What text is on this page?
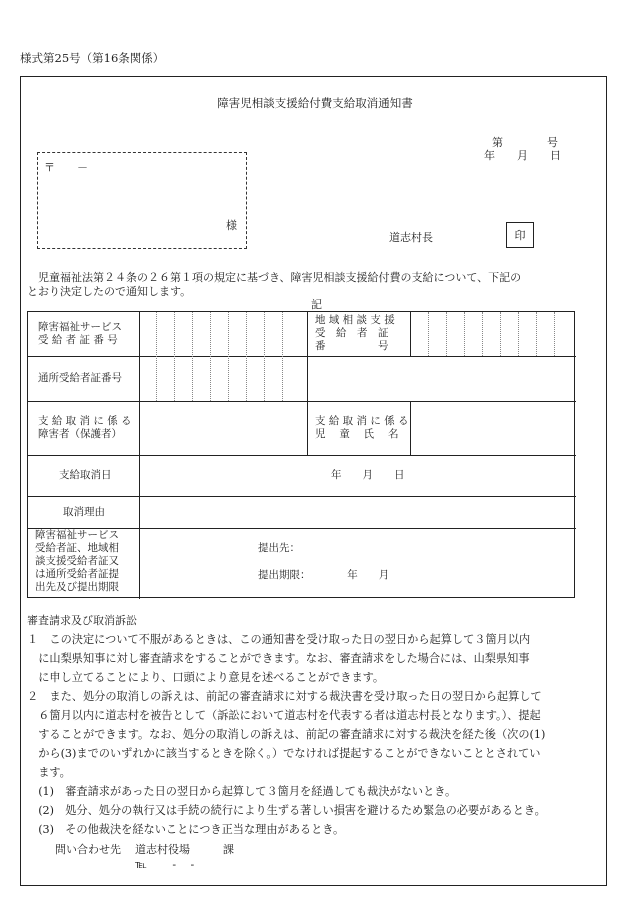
様式第25号（第16条関係）
障害児相談支援給付費支給取消通知書
第　　　　号
年　　月　　日
〒　　－
様
道志村長	印
　児童福祉法第２４条の２６第１項の規定に基づき、障害児相談支援給付費の支給について、下記の
とおり決定したので通知します。
記
障害福祉サービス
受 給 者 証 番 号
地 域 相 談 支 援
受　給　者　証
番　　　　　号
通所受給者証番号
支 給 取 消 に 係 る
障害者（保護者）
支 給 取 消 に 係 る
児　 童　 氏　 名
支給取消日	年　　月　　日
取消理由
障害福祉サービス
受給者証、地域相
談支援受給者証又
は通所受給者証提
出先及び提出期限
提出先：
提出期限：　　　　年　　月
審査請求及び取消訴訟
１　この決定について不服があるときは、この通知書を受け取った日の翌日から起算して３箇月以内
　に山梨県知事に対し審査請求をすることができます。なお、審査請求をした場合には、山梨県知事
　に申し立てることにより、口頭により意見を述べることができます。
２　また、処分の取消しの訴えは、前記の審査請求に対する裁決書を受け取った日の翌日から起算して
　６箇月以内に道志村を被告として（訴訟において道志村を代表する者は道志村長となります。）、提起
　することができます。なお、処分の取消しの訴えは、前記の審査請求に対する裁決を経た後（次の(1)
　から(3)までのいずれかに該当するときを除く。）でなければ提起することができないこととされてい
　ます。
　(1)　審査請求があった日の翌日から起算して３箇月を経過しても裁決がないとき。
　(2)　処分、処分の執行又は手続の続行により生ずる著しい損害を避けるため緊急の必要があるとき。
　(3)　その他裁決を経ないことにつき正当な理由があるとき。
問い合わせ先 道志村役場　　　課
℡　　 -　 -
